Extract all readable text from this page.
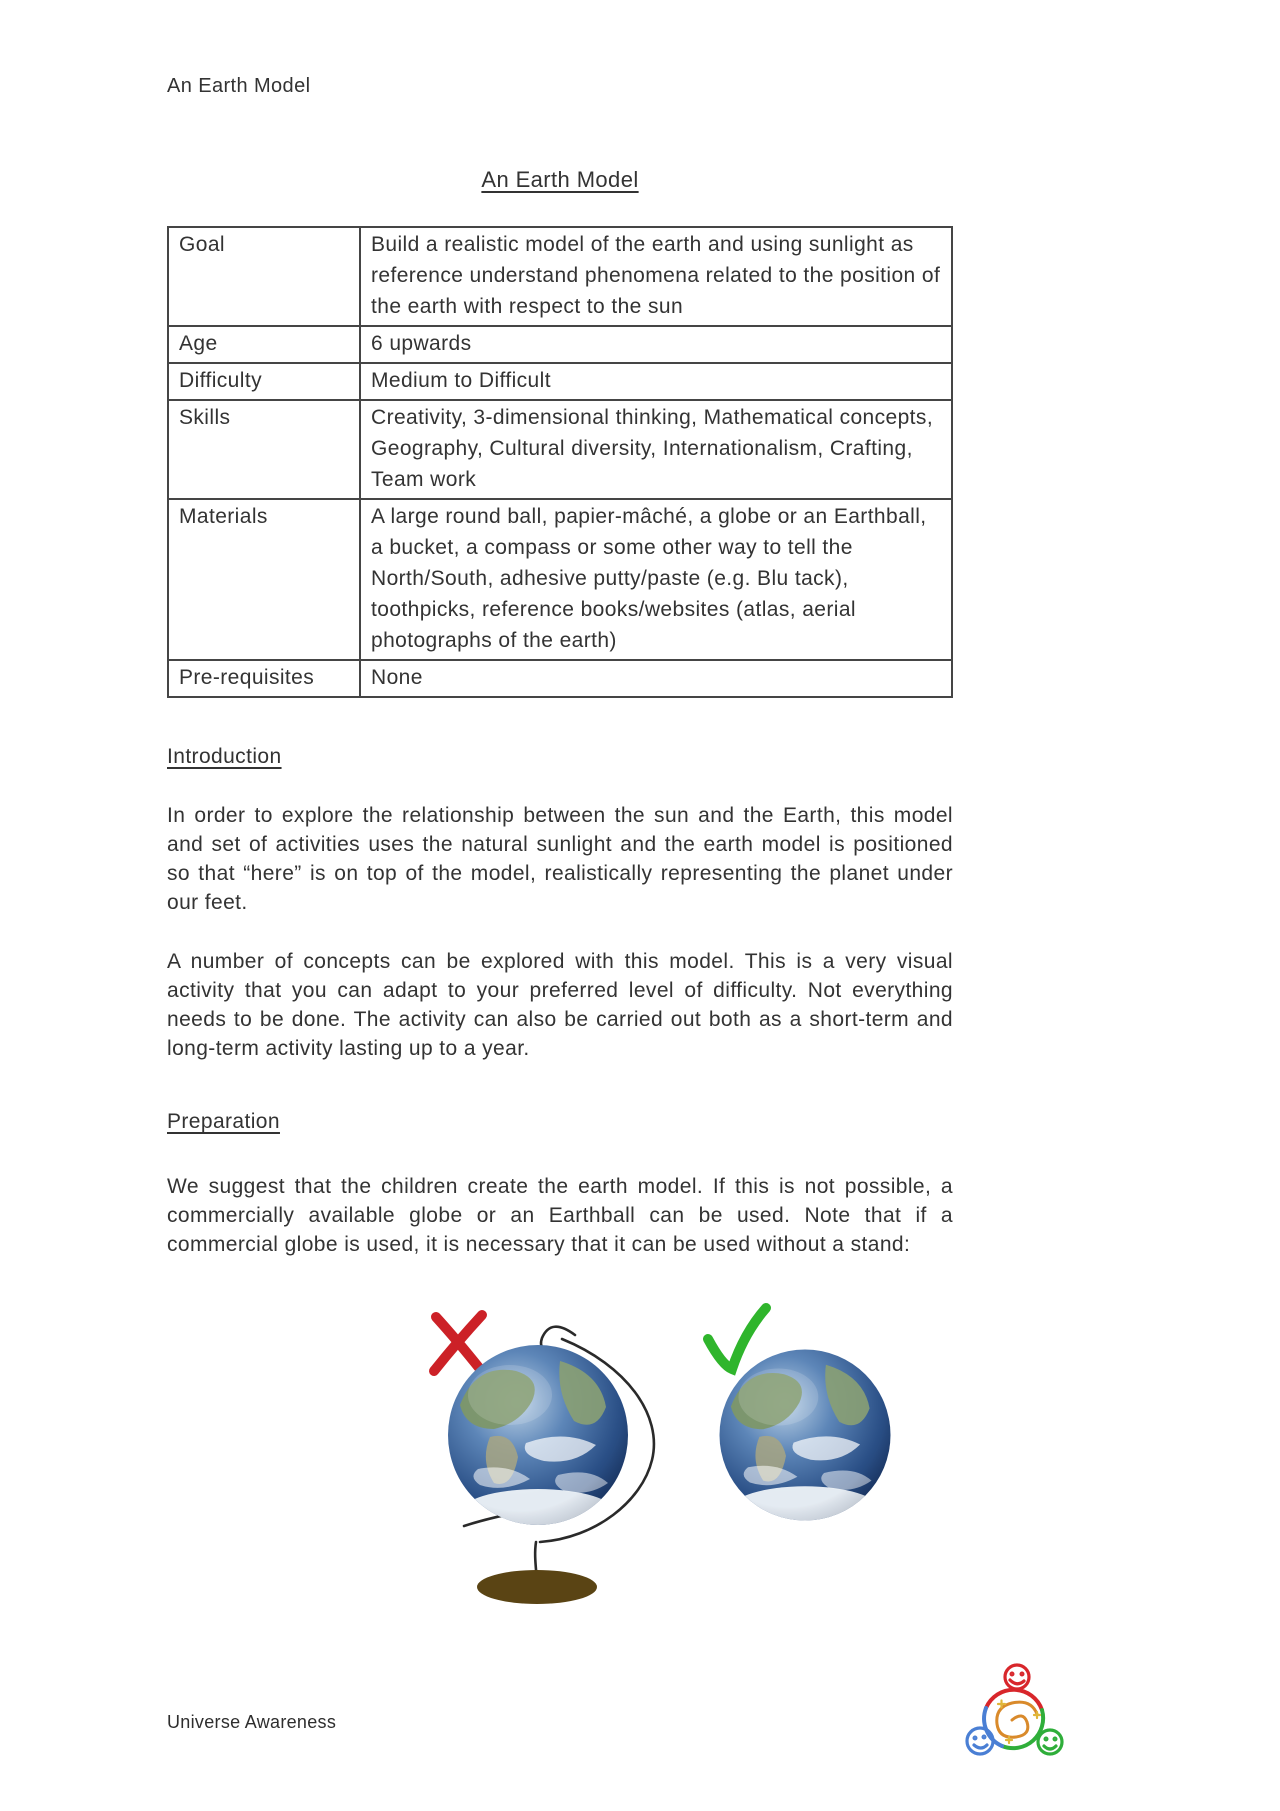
An Earth Model
An Earth Model
Goal	Build a realistic model of the earth and using sunlight as reference understand phenomena related to the position of the earth with respect to the sun
Age	6 upwards
Difficulty	Medium to Difficult
Skills	Creativity, 3-dimensional thinking, Mathematical concepts, Geography, Cultural diversity, Internationalism, Crafting, Team work
Materials	A large round ball, papier-mâché, a globe or an Earthball, a bucket, a compass or some other way to tell the North/South, adhesive putty/paste (e.g. Blu tack), toothpicks, reference books/websites (atlas, aerial photographs of the earth)
Pre-requisites	None
Introduction

In order to explore the relationship between the sun and the Earth, this model and set of activities uses the natural sunlight and the earth model is positioned so that “here” is on top of the model, realistically representing the planet under our feet.

A number of concepts can be explored with this model. This is a very visual activity that you can adapt to your preferred level of difficulty. Not everything needs to be done. The activity can also be carried out both as a short-term and long-term activity lasting up to a year.

Preparation

We suggest that the children create the earth model. If this is not possible, a commercially available globe or an Earthball can be used. Note that if a commercial globe is used, it is necessary that it can be used without a stand:

Universe Awareness
